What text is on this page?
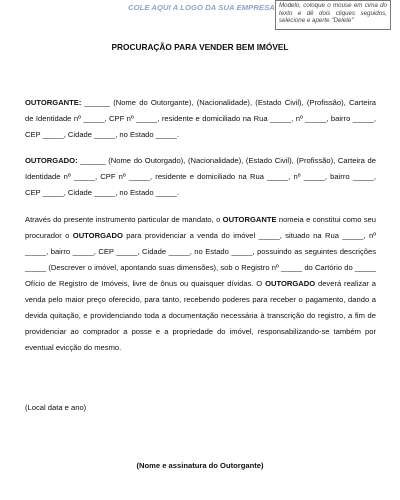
COLE AQUI A LOGO DA SUA EMPRESA Modelo, coloque o mouse em cima do texto e dê dois cliques seguidos, selecione e aperte "Delete"
PROCURAÇÃO PARA VENDER BEM IMÓVEL
OUTORGANTE: ______ (Nome do Outorgante), (Nacionalidade), (Estado Civil), (Profissão), Carteira de Identidade nº _____, CPF nº _____, residente e domiciliado na Rua _____, nº _____, bairro _____, CEP _____, Cidade _____, no Estado _____.
OUTORGADO: ______ (Nome do Outorgado), (Nacionalidade), (Estado Civil), (Profissão), Carteira de Identidade nº _____, CPF nº _____, residente e domiciliado na Rua _____, nº _____, bairro _____, CEP _____, Cidade _____, no Estado _____.
Através do presente instrumento particular de mandato, o OUTORGANTE nomeia e constitui como seu procurador o OUTORGADO para providenciar a venda do imóvel _____, situado na Rua _____, nº _____, bairro _____, CEP _____, Cidade _____, no Estado _____, possuindo as seguintes descrições _____ (Descrever o imóvel, apontando suas dimensões), sob o Registro nº _____ do Cartório do _____ Ofício de Registro de Imóveis, livre de ônus ou quaisquer dívidas. O OUTORGADO deverá realizar a venda pelo maior preço oferecido, para tanto, recebendo poderes para receber o pagamento, dando a devida quitação, e providenciando toda a documentação necessária à transcrição do registro, a fim de providenciar ao comprador a posse e a propriedade do imóvel, responsabilizando-se também por eventual evicção do mesmo.
(Local data e ano)
(Nome e assinatura do Outorgante)
